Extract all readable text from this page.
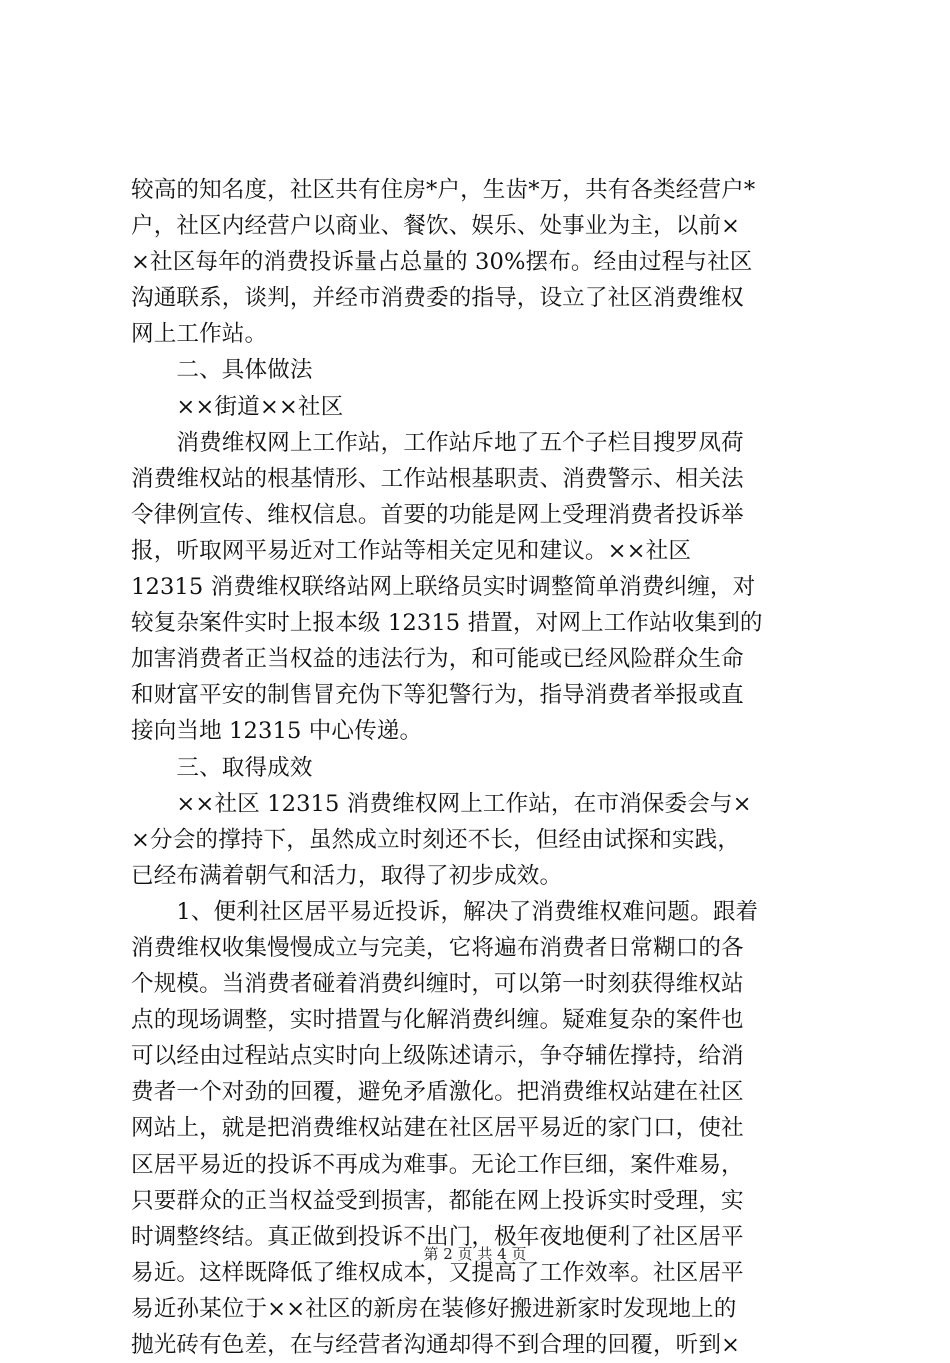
较高的知名度，社区共有住房*户，生齿*万，共有各类经营户*
户，社区内经营户以商业、餐饮、娱乐、处事业为主，以前×
×社区每年的消费投诉量占总量的 30%摆布。经由过程与社区
沟通联系，谈判，并经市消费委的指导，设立了社区消费维权
网上工作站。
　　二、具体做法
　　××街道××社区
　　消费维权网上工作站，工作站斥地了五个子栏目搜罗凤荷
消费维权站的根基情形、工作站根基职责、消费警示、相关法
令律例宣传、维权信息。首要的功能是网上受理消费者投诉举
报，听取网平易近对工作站等相关定见和建议。××社区
12315 消费维权联络站网上联络员实时调整简单消费纠缠，对
较复杂案件实时上报本级 12315 措置，对网上工作站收集到的
加害消费者正当权益的违法行为，和可能或已经风险群众生命
和财富平安的制售冒充伪下等犯警行为，指导消费者举报或直
接向当地 12315 中心传递。
　　三、取得成效
　　××社区 12315 消费维权网上工作站，在市消保委会与×
×分会的撑持下，虽然成立时刻还不长，但经由试探和实践，
已经布满着朝气和活力，取得了初步成效。
　　1、便利社区居平易近投诉，解决了消费维权难问题。跟着
消费维权收集慢慢成立与完美，它将遍布消费者日常糊口的各
个规模。当消费者碰着消费纠缠时，可以第一时刻获得维权站
点的现场调整，实时措置与化解消费纠缠。疑难复杂的案件也
可以经由过程站点实时向上级陈述请示，争夺辅佐撑持，给消
费者一个对劲的回覆，避免矛盾激化。把消费维权站建在社区
网站上，就是把消费维权站建在社区居平易近的家门口，使社
区居平易近的投诉不再成为难事。无论工作巨细，案件难易，
只要群众的正当权益受到损害，都能在网上投诉实时受理，实
时调整终结。真正做到投诉不出门，极年夜地便利了社区居平
易近。这样既降低了维权成本，又提高了工作效率。社区居平
易近孙某位于××社区的新房在装修好搬进新家时发现地上的
抛光砖有色差，在与经营者沟通却得不到合理的回覆，听到×
第 2 页 共 4 页
